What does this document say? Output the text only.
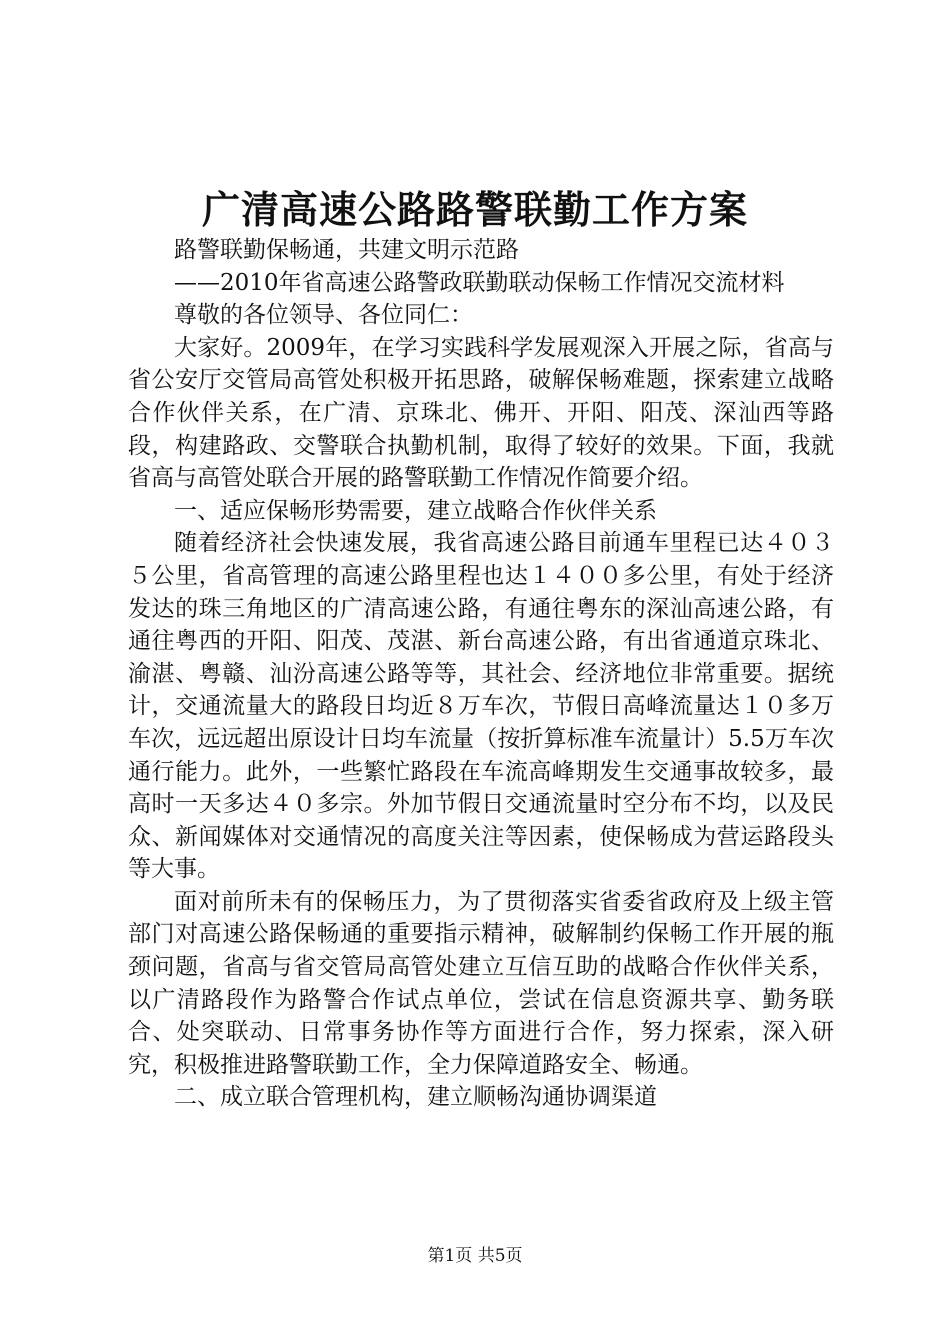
广清高速公路路警联勤工作方案

路警联勤保畅通，共建文明示范路

——2010年省高速公路警政联勤联动保畅工作情况交流材料

尊敬的各位领导、各位同仁：

大家好。2009年，在学习实践科学发展观深入开展之际，省高与省公安厅交管局高管处积极开拓思路，破解保畅难题，探索建立战略合作伙伴关系，在广清、京珠北、佛开、开阳、阳茂、深汕西等路段，构建路政、交警联合执勤机制，取得了较好的效果。下面，我就省高与高管处联合开展的路警联勤工作情况作简要介绍。

一、适应保畅形势需要，建立战略合作伙伴关系

随着经济社会快速发展，我省高速公路目前通车里程已达４０３５公里，省高管理的高速公路里程也达１４００多公里，有处于经济发达的珠三角地区的广清高速公路，有通往粤东的深汕高速公路，有通往粤西的开阳、阳茂、茂湛、新台高速公路，有出省通道京珠北、渝湛、粤赣、汕汾高速公路等等，其社会、经济地位非常重要。据统计，交通流量大的路段日均近８万车次，节假日高峰流量达１０多万车次，远远超出原设计日均车流量（按折算标准车流量计）5.5万车次通行能力。此外，一些繁忙路段在车流高峰期发生交通事故较多，最高时一天多达４０多宗。外加节假日交通流量时空分布不均，以及民众、新闻媒体对交通情况的高度关注等因素，使保畅成为营运路段头等大事。

面对前所未有的保畅压力，为了贯彻落实省委省政府及上级主管部门对高速公路保畅通的重要指示精神，破解制约保畅工作开展的瓶颈问题，省高与省交管局高管处建立互信互助的战略合作伙伴关系，以广清路段作为路警合作试点单位，尝试在信息资源共享、勤务联合、处突联动、日常事务协作等方面进行合作，努力探索，深入研究，积极推进路警联勤工作，全力保障道路安全、畅通。

二、成立联合管理机构，建立顺畅沟通协调渠道

第1页 共5页
